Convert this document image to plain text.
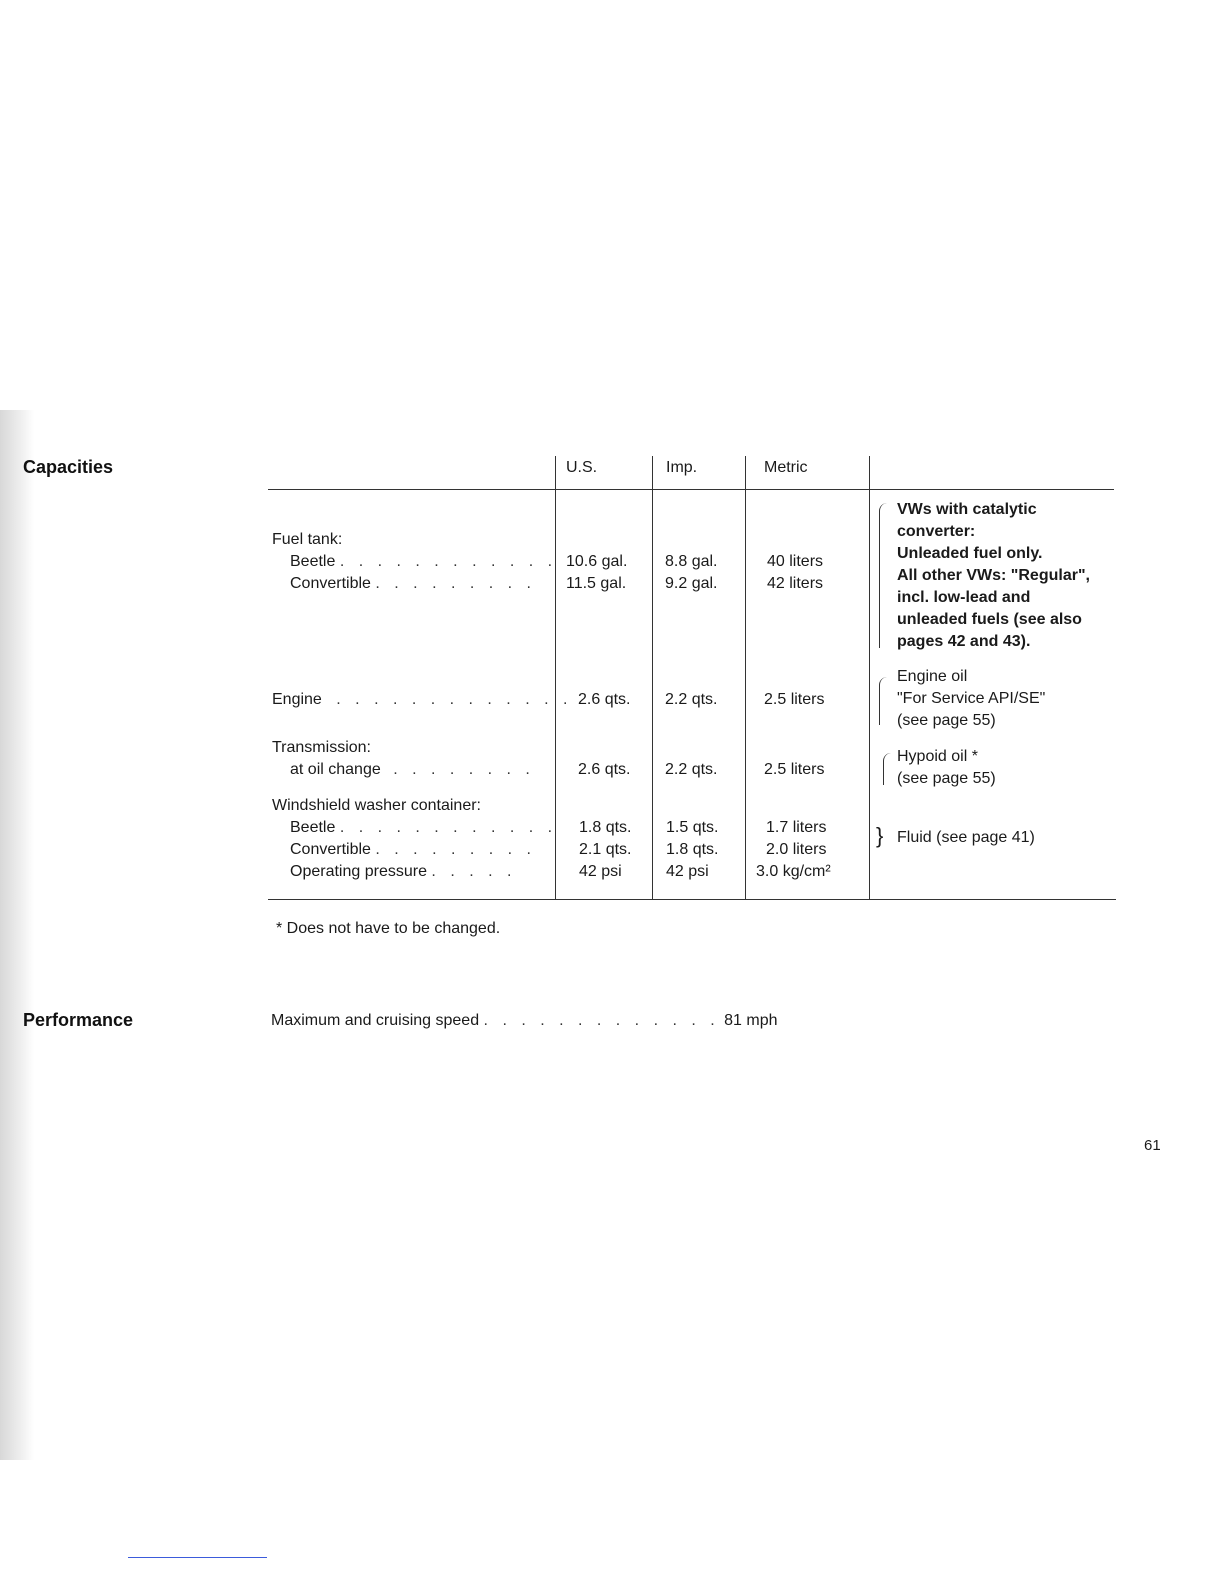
Capacities
Performance
U.S.	Imp.	Metric
Fuel tank:
Beetle . . . . . . . . . . . . 10.6 gal. 8.8 gal.	40 liters
Convertible . . . . . . . . . 11.5 gal. 9.2 gal.	42 liters
VWs with catalytic
converter:
Unleaded fuel only.
All other VWs: "Regular",
incl. low-lead and
unleaded fuels (see also
pages 42 and 43).
Engine . . . . . . . . . . . . . 2.6 qts. 2.2 qts.	2.5 liters
Engine oil
"For Service API/SE"
(see page 55)
Transmission:
at oil change . . . . . . . .	2.6 qts. 2.2 qts.	2.5 liters
Hypoid oil *
(see page 55)
Windshield washer container:
Beetle . . . . . . . . . . . . 1.8 qts. 1.5 qts.	1.7 liters
Convertible . . . . . . . . .	2.1 qts. 1.8 qts.	2.0 liters
Operating pressure . . . . .	42 psi	42 psi	3.0 kg/cm²
} Fluid (see page 41)
* Does not have to be changed.
Maximum and cruising speed . . . . . . . . . . . . . 81 mph
61
